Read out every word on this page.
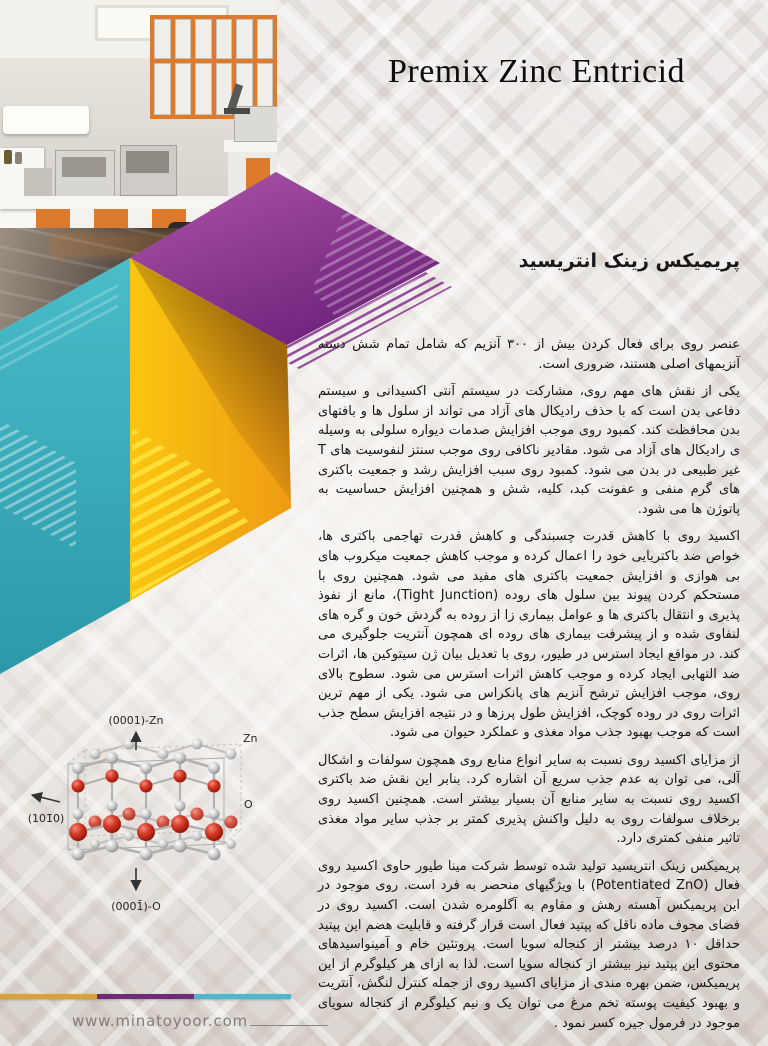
Premix Zinc Entricid
پریمیکس زینک انتریسید

عنصر روی برای فعال کردن بیش از ۳۰۰ آنزیم که شامل تمام شش دسته آنزیمهای اصلی هستند، ضروری است.

یکی از نقش های مهم روی، مشارکت در سیستم آنتی اکسیدانی و سیستم دفاعی بدن است که با حذف رادیکال های آزاد می تواند از سلول ها و بافتهای بدن محافظت کند. کمبود روی موجب افزایش صدمات دیواره سلولی به وسیله ی رادیکال های آزاد می شود. مقادیر ناکافی روی موجب سنتز لنفوسیت های T غیر طبیعی در بدن می شود. کمبود روی سبب افزایش رشد و جمعیت باکتری های گرم منفی و عفونت کبد، کلیه، شش و همچنین افزایش حساسیت به پاتوژن ها می شود.

اکسید روی با کاهش قدرت چسبندگی و کاهش قدرت تهاجمی باکتری ها، خواص ضد باکتریایی خود را اعمال کرده و موجب کاهش جمعیت میکروب های بی هوازی و افزایش جمعیت باکتری های مفید می شود. همچنین روی با مستحکم کردن پیوند بین سلول های روده (Tight Junction)، مانع از نفوذ پذیری و انتقال باکتری ها و عوامل بیماری زا از روده به گردش خون و گره های لنفاوی شده و از پیشرفت بیماری های روده ای همچون آنتریت جلوگیری می کند. در مواقع ایجاد استرس در طیور، روی با تعدیل بیان ژن سیتوکین ها، اثرات ضد التهابی ایجاد کرده و موجب کاهش اثرات استرس می شود. سطوح بالای روی، موجب افزایش ترشح آنزیم های پانکراس می شود. یکی از مهم ترین اثرات روی در روده کوچک، افزایش طول پرزها و در نتیجه افزایش سطح جذب است که موجب بهبود جذب مواد مغذی و عملکرد حیوان می شود.

از مزایای اکسید روی نسبت به سایر انواع منابع روی همچون سولفات و اشکال آلی، می توان به عدم جذب سریع آن اشاره کرد. بنابر این نقش ضد باکتری اکسید روی نسبت به سایر منابع آن بسیار بیشتر است. همچنین اکسید روی برخلاف سولفات روی به دلیل واکنش پذیری کمتر بر جذب سایر مواد مغذی تاثیر منفی کمتری دارد.

پریمیکس زینک انتریسید تولید شده توسط شرکت مینا طیور حاوی اکسید روی فعال (Potentiated ZnO) با ویژگیهای منحصر به فرد است. روی موجود در این پریمیکس آهسته رهش و مقاوم به آگلومره شدن است. اکسید روی در فضای مجوف ماده ناقل که پپتید فعال است قرار گرفته و قابلیت هضم این پپتید حداقل ۱۰ درصد بیشتر از کنجاله سویا است. پروتئین خام و آمینواسیدهای محتوی این پپتید نیز بیشتر از کنجاله سویا است. لذا به ازای هر کیلوگرم از این پریمیکس، ضمن بهره مندی از مزایای اکسید روی از جمله کنترل لنگش، آنتریت و بهبود کیفیت پوسته تخم مرغ می توان یک و نیم کیلوگرم از کنجاله سویای موجود در فرمول جیره کسر نمود .

(0001)-Zn
Zn
O
(101̄0)
(0001̄)-O
www.minatoyoor.com
